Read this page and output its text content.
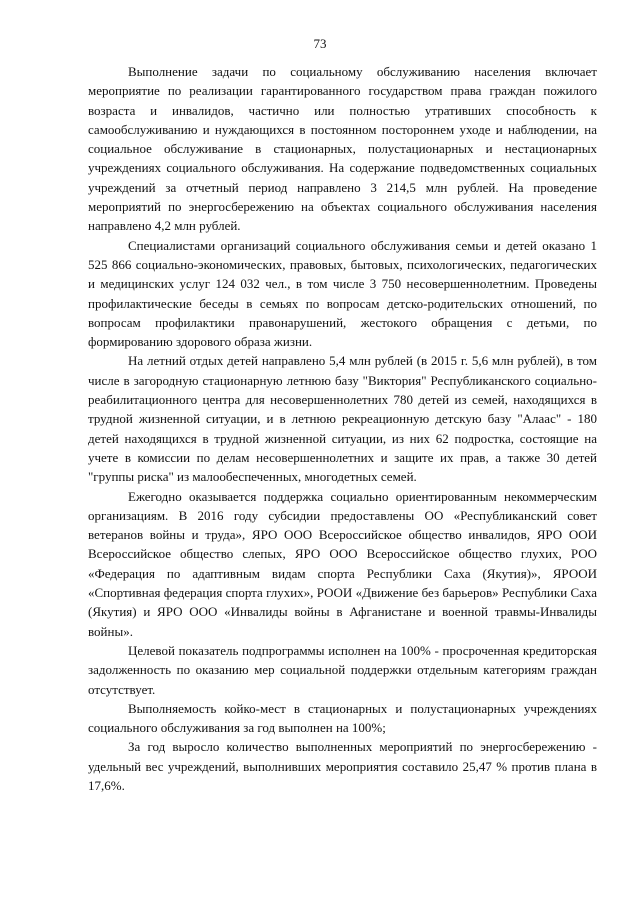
73

Выполнение задачи по социальному обслуживанию населения включает мероприятие по реализации гарантированного государством права граждан пожилого возраста и инвалидов, частично или полностью утративших способность к самообслуживанию и нуждающихся в постоянном постороннем уходе и наблюдении, на социальное обслуживание в стационарных, полустационарных и нестационарных учреждениях социального обслуживания. На содержание подведомственных социальных учреждений за отчетный период направлено 3 214,5 млн рублей. На проведение мероприятий по энергосбережению на объектах социального обслуживания населения направлено 4,2 млн рублей.

Специалистами организаций социального обслуживания семьи и детей оказано 1 525 866 социально-экономических, правовых, бытовых, психологических, педагогических и медицинских услуг 124 032 чел., в том числе 3 750 несовершеннолетним. Проведены профилактические беседы в семьях по вопросам детско-родительских отношений, по вопросам профилактики правонарушений, жестокого обращения с детьми, по формированию здорового образа жизни.

На летний отдых детей направлено 5,4 млн рублей (в 2015 г. 5,6 млн рублей), в том числе в загородную стационарную летнюю базу "Виктория" Республиканского социально-реабилитационного центра для несовершеннолетних 780 детей из семей, находящихся в трудной жизненной ситуации, и в летнюю рекреационную детскую базу "Алаас" - 180 детей находящихся в трудной жизненной ситуации, из них 62 подростка, состоящие на учете в комиссии по делам несовершеннолетних и защите их прав, а также 30 детей "группы риска" из малообеспеченных, многодетных семей.

Ежегодно оказывается поддержка социально ориентированным некоммерческим организациям. В 2016 году субсидии предоставлены ОО «Республиканский совет ветеранов войны и труда», ЯРО ООО Всероссийское общество инвалидов, ЯРО ООИ Всероссийское общество слепых, ЯРО ООО Всероссийское общество глухих, РОО «Федерация по адаптивным видам спорта Республики Саха (Якутия)», ЯРООИ «Спортивная федерация спорта глухих», РООИ «Движение без барьеров» Республики Саха (Якутия) и ЯРО ООО «Инвалиды войны в Афганистане и военной травмы-Инвалиды войны».

Целевой показатель подпрограммы исполнен на 100% - просроченная кредиторская задолженность по оказанию мер социальной поддержки отдельным категориям граждан отсутствует.

Выполняемость койко-мест в стационарных и полустационарных учреждениях социального обслуживания за год выполнен на 100%;

За год выросло количество выполненных мероприятий по энергосбережению - удельный вес учреждений, выполнивших мероприятия составило 25,47 % против плана в 17,6%.
